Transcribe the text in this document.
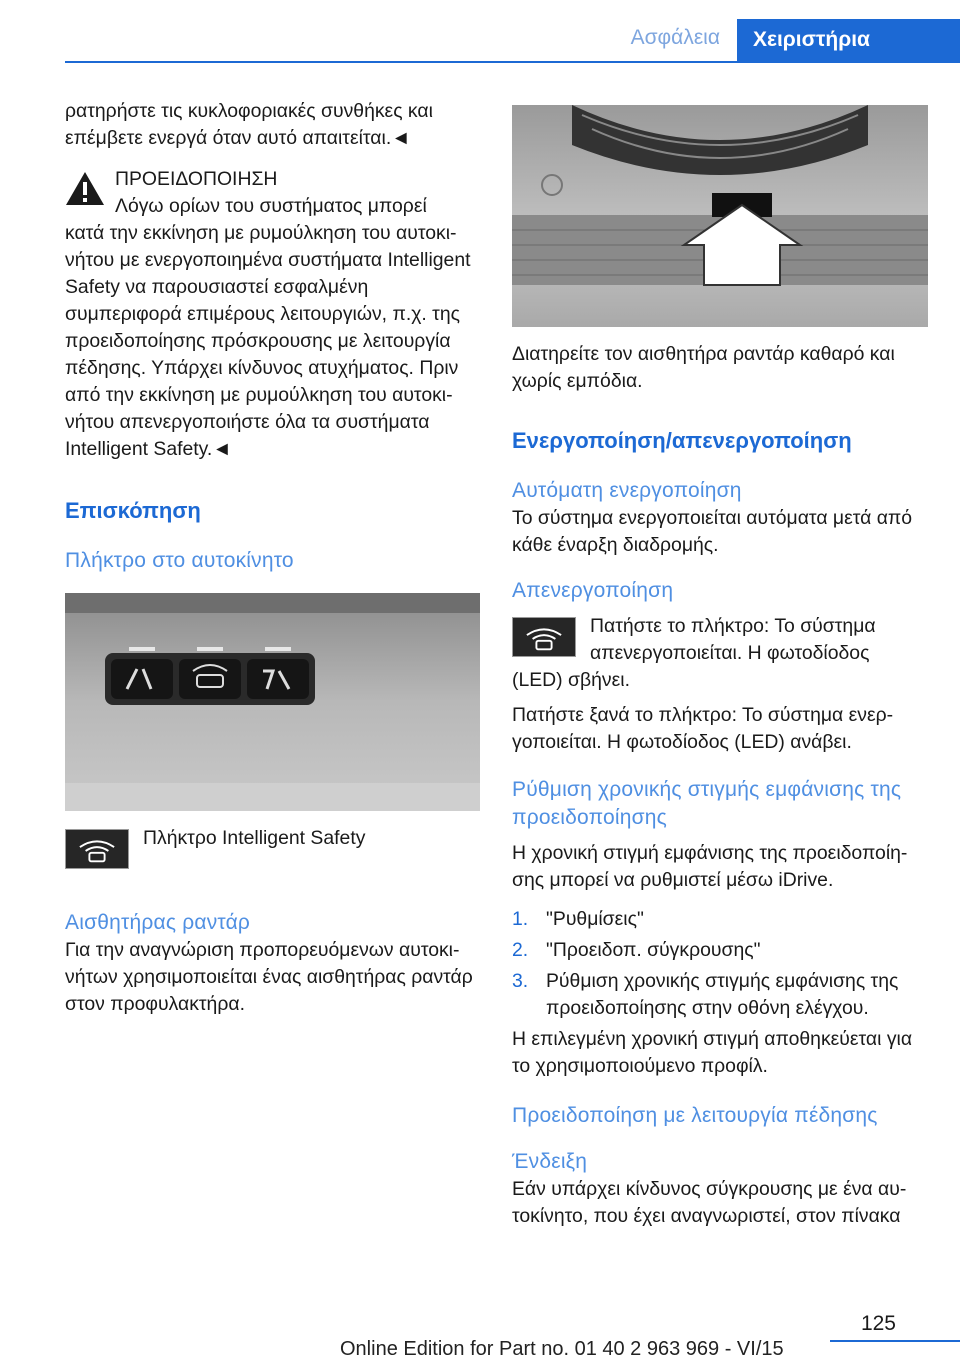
Ασφάλεια	Χειριστήρια

ρατηρήστε τις κυκλοφοριακές συνθήκες και επέμβετε ενεργά όταν αυτό απαιτείται.◄

ΠΡΟΕΙΔΟΠΟΙΗΣΗ

Λόγω ορίων του συστήματος μπορεί

κατά την εκκίνηση με ρυμούλκηση του αυτοκινήτου με ενεργοποιημένα συστήματα Intelligent Safety να παρουσιαστεί εσφαλμένη συμπεριφορά επιμέρους λειτουργιών, π.χ. της προειδοποίησης πρόσκρουσης με λειτουργία πέδησης. Υπάρχει κίνδυνος ατυχήματος. Πριν από την εκκίνηση με ρυμούλκηση του αυτοκινήτου απενεργοποιήστε όλα τα συστήματα Intelligent Safety.◄

Επισκόπηση
Πλήκτρο στο αυτοκίνητο

Πλήκτρο Intelligent Safety

Αισθητήρας ραντάρ

Για την αναγνώριση προπορευόμενων αυτοκινήτων χρησιμοποιείται ένας αισθητήρας ραντάρ στον προφυλακτήρα.

Διατηρείτε τον αισθητήρα ραντάρ καθαρό και χωρίς εμπόδια.

Ενεργοποίηση/απενεργοποίηση
Αυτόματη ενεργοποίηση

Το σύστημα ενεργοποιείται αυτόματα μετά από κάθε έναρξη διαδρομής.

Απενεργοποίηση

Πατήστε το πλήκτρο: Το σύστημα απενεργοποιείται. Η φωτοδίοδος

(LED) σβήνει.

Πατήστε ξανά το πλήκτρο: Το σύστημα ενεργοποιείται. Η φωτοδίοδος (LED) ανάβει.

Ρύθμιση χρονικής στιγμής εμφάνισης της προειδοποίησης

Η χρονική στιγμή εμφάνισης της προειδοποίησης μπορεί να ρυθμιστεί μέσω iDrive.

1. "Ρυθμίσεις"
2. "Προειδοπ. σύγκρουσης"
3. Ρύθμιση χρονικής στιγμής εμφάνισης της προειδοποίησης στην οθόνη ελέγχου.

Η επιλεγμένη χρονική στιγμή αποθηκεύεται για το χρησιμοποιούμενο προφίλ.

Προειδοποίηση με λειτουργία πέδησης
Ένδειξη

Εάν υπάρχει κίνδυνος σύγκρουσης με ένα αυτοκίνητο, που έχει αναγνωριστεί, στον πίνακα

125
Online Edition for Part no. 01 40 2 963 969 - VI/15
